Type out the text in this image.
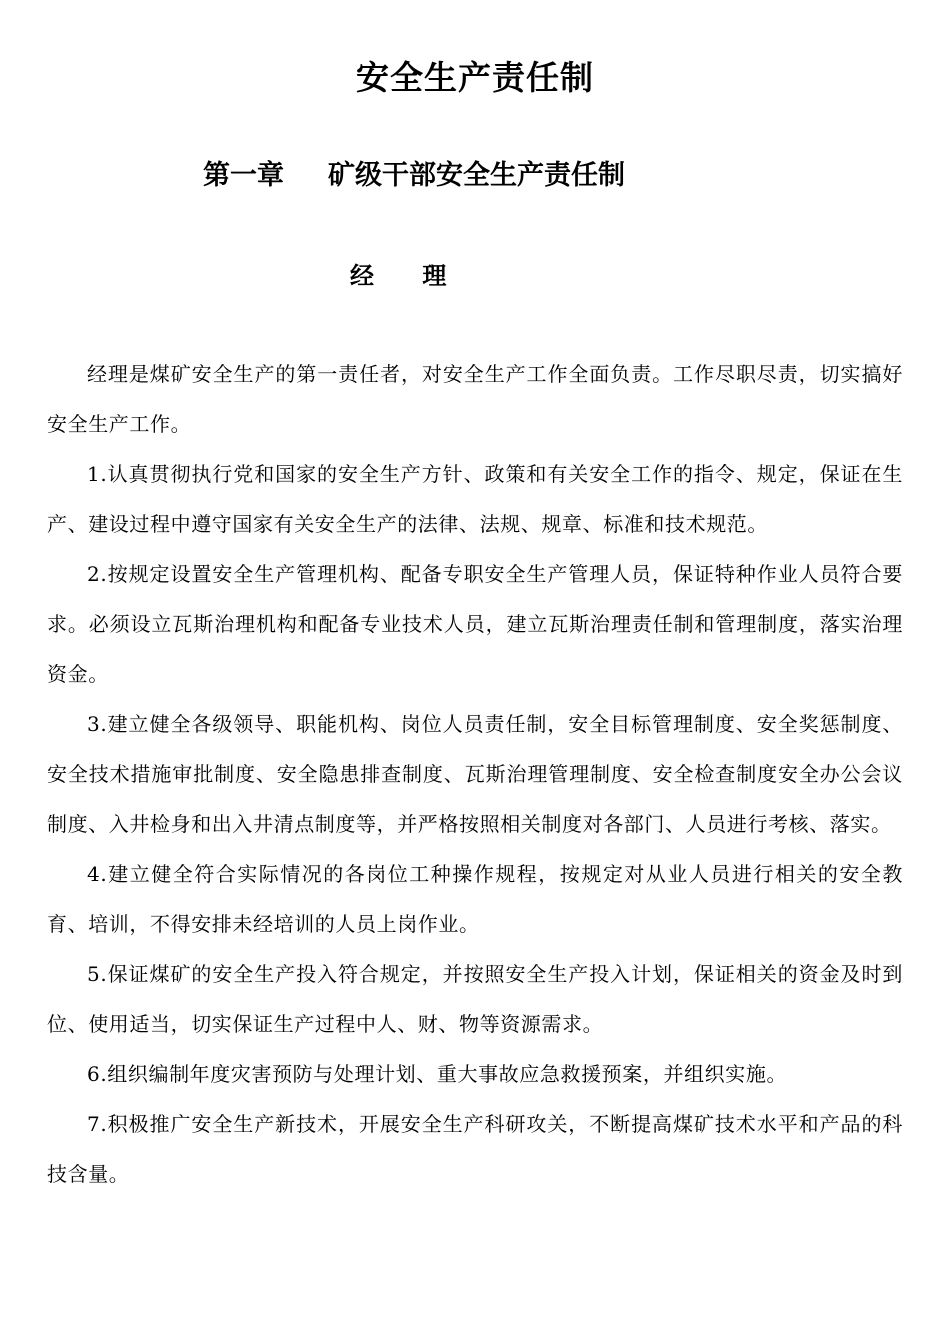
安全生产责任制
第一章 矿级干部安全生产责任制
经 理

经理是煤矿安全生产的第一责任者，对安全生产工作全面负责。工作尽职尽责，切实搞好安全生产工作。

1.认真贯彻执行党和国家的安全生产方针、政策和有关安全工作的指令、规定，保证在生产、建设过程中遵守国家有关安全生产的法律、法规、规章、标准和技术规范。

2.按规定设置安全生产管理机构、配备专职安全生产管理人员，保证特种作业人员符合要求。必须设立瓦斯治理机构和配备专业技术人员，建立瓦斯治理责任制和管理制度，落实治理资金。

3.建立健全各级领导、职能机构、岗位人员责任制，安全目标管理制度、安全奖惩制度、安全技术措施审批制度、安全隐患排查制度、瓦斯治理管理制度、安全检查制度安全办公会议制度、入井检身和出入井清点制度等，并严格按照相关制度对各部门、人员进行考核、落实。

4.建立健全符合实际情况的各岗位工种操作规程，按规定对从业人员进行相关的安全教育、培训，不得安排未经培训的人员上岗作业。

5.保证煤矿的安全生产投入符合规定，并按照安全生产投入计划，保证相关的资金及时到位、使用适当，切实保证生产过程中人、财、物等资源需求。

6.组织编制年度灾害预防与处理计划、重大事故应急救援预案，并组织实施。

7.积极推广安全生产新技术，开展安全生产科研攻关，不断提高煤矿技术水平和产品的科技含量。
